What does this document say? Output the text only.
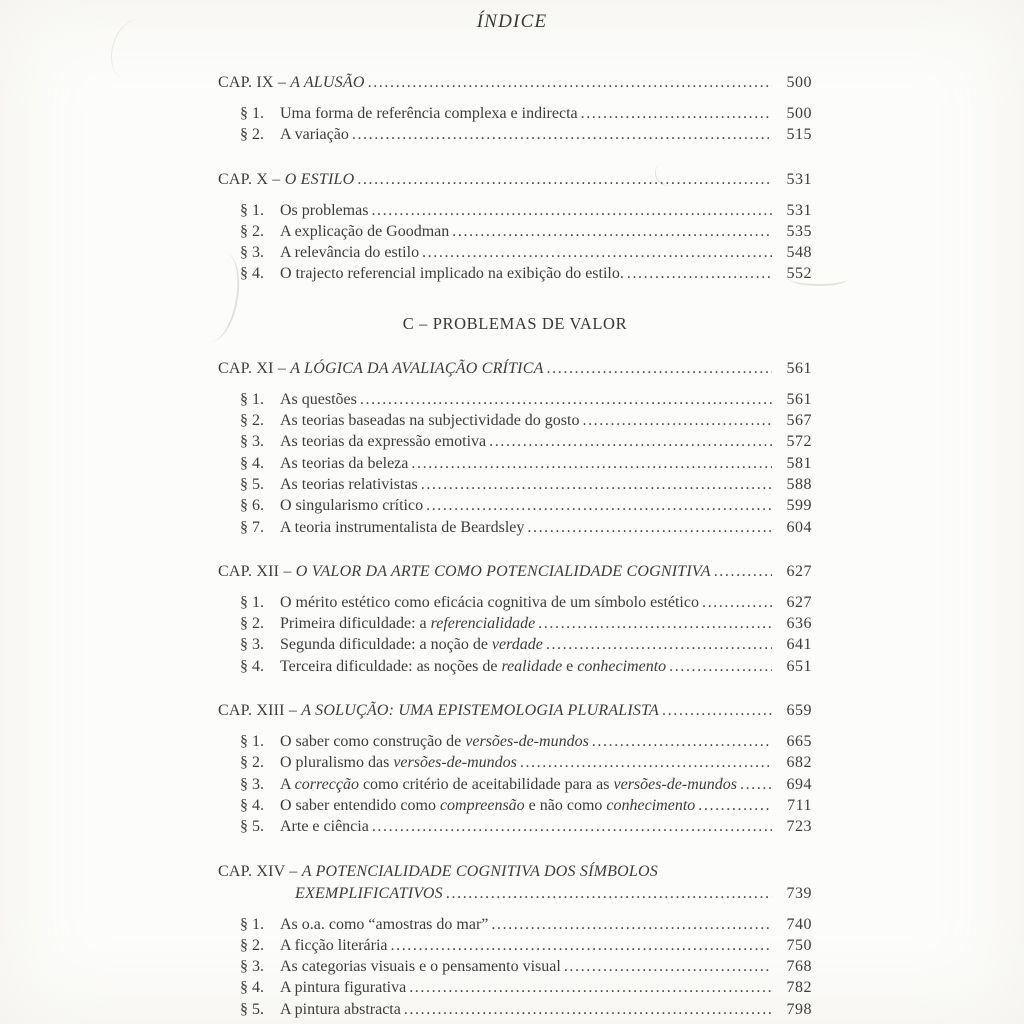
ÍNDICE
CAP. IX – A ALUSÃO .....	500
§ 1.	Uma forma de referência complexa e indirecta .....	500
§ 2.	A variação .....	515
CAP. X – O ESTILO .....	531
§ 1.	Os problemas .....	531
§ 2.	A explicação de Goodman .....	535
§ 3.	A relevância do estilo .....	548
§ 4.	O trajecto referencial implicado na exibição do estilo. .....	552
C – PROBLEMAS DE VALOR
CAP. XI – A LÓGICA DA AVALIAÇÃO CRÍTICA .....	561
§ 1.	As questões .....	561
§ 2.	As teorias baseadas na subjectividade do gosto .....	567
§ 3.	As teorias da expressão emotiva .....	572
§ 4.	As teorias da beleza .....	581
§ 5.	As teorias relativistas .....	588
§ 6.	O singularismo crítico .....	599
§ 7.	A teoria instrumentalista de Beardsley .....	604
CAP. XII – O VALOR DA ARTE COMO POTENCIALIDADE COGNITIVA .....	627
§ 1.	O mérito estético como eficácia cognitiva de um símbolo estético .....	627
§ 2.	Primeira dificuldade: a referencialidade .....	636
§ 3.	Segunda dificuldade: a noção de verdade .....	641
§ 4.	Terceira dificuldade: as noções de realidade e conhecimento .....	651
CAP. XIII – A SOLUÇÃO: UMA EPISTEMOLOGIA PLURALISTA .....	659
§ 1.	O saber como construção de versões-de-mundos .....	665
§ 2.	O pluralismo das versões-de-mundos .....	682
§ 3.	A correcção como critério de aceitabilidade para as versões-de-mundos .....	694
§ 4.	O saber entendido como compreensão e não como conhecimento .....	711
§ 5.	Arte e ciência .....	723
CAP. XIV – A POTENCIALIDADE COGNITIVA DOS SÍMBOLOS
EXEMPLIFICATIVOS .....	739
§ 1.	As o.a. como “amostras do mar” .....	740
§ 2.	A ficção literária .....	750
§ 3.	As categorias visuais e o pensamento visual .....	768
§ 4.	A pintura figurativa .....	782
§ 5.	A pintura abstracta .....	798
